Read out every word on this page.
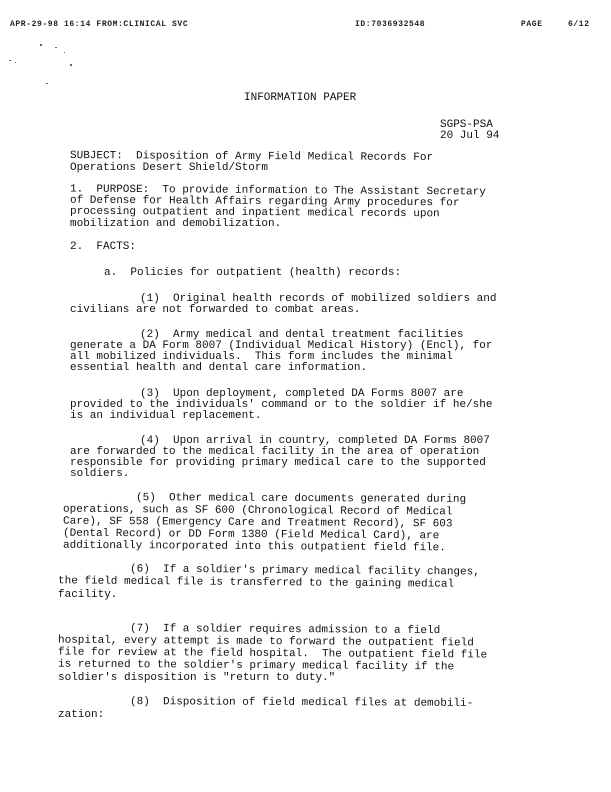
APR-29-98 16:14 FROM:CLINICAL SVC	ID:7036932548	PAGE	6/12
INFORMATION PAPER
SGPS-PSA
20 Jul 94
SUBJECT:  Disposition of Army Field Medical Records For
Operations Desert Shield/Storm
1.  PURPOSE:  To provide information to The Assistant Secretary
of Defense for Health Affairs regarding Army procedures for
processing outpatient and inpatient medical records upon
mobilization and demobilization.
2.  FACTS:
a.  Policies for outpatient (health) records:
(1)  Original health records of mobilized soldiers and
civilians are not forwarded to combat areas.
(2)  Army medical and dental treatment facilities
generate a DA Form 8007 (Individual Medical History) (Encl), for
all mobilized individuals.  This form includes the minimal
essential health and dental care information.
(3)  Upon deployment, completed DA Forms 8007 are
provided to the individuals' command or to the soldier if he/she
is an individual replacement.
(4)  Upon arrival in country, completed DA Forms 8007
are forwarded to the medical facility in the area of operation
responsible for providing primary medical care to the supported
soldiers.
(5)  Other medical care documents generated during
operations, such as SF 600 (Chronological Record of Medical
Care), SF 558 (Emergency Care and Treatment Record), SF 603
(Dental Record) or DD Form 1380 (Field Medical Card), are
additionally incorporated into this outpatient field file.
(6)  If a soldier's primary medical facility changes,
the field medical file is transferred to the gaining medical
facility.
(7)  If a soldier requires admission to a field
hospital, every attempt is made to forward the outpatient field
file for review at the field hospital.  The outpatient field file
is returned to the soldier's primary medical facility if the
soldier's disposition is "return to duty."
(8)  Disposition of field medical files at demobili-
zation:
